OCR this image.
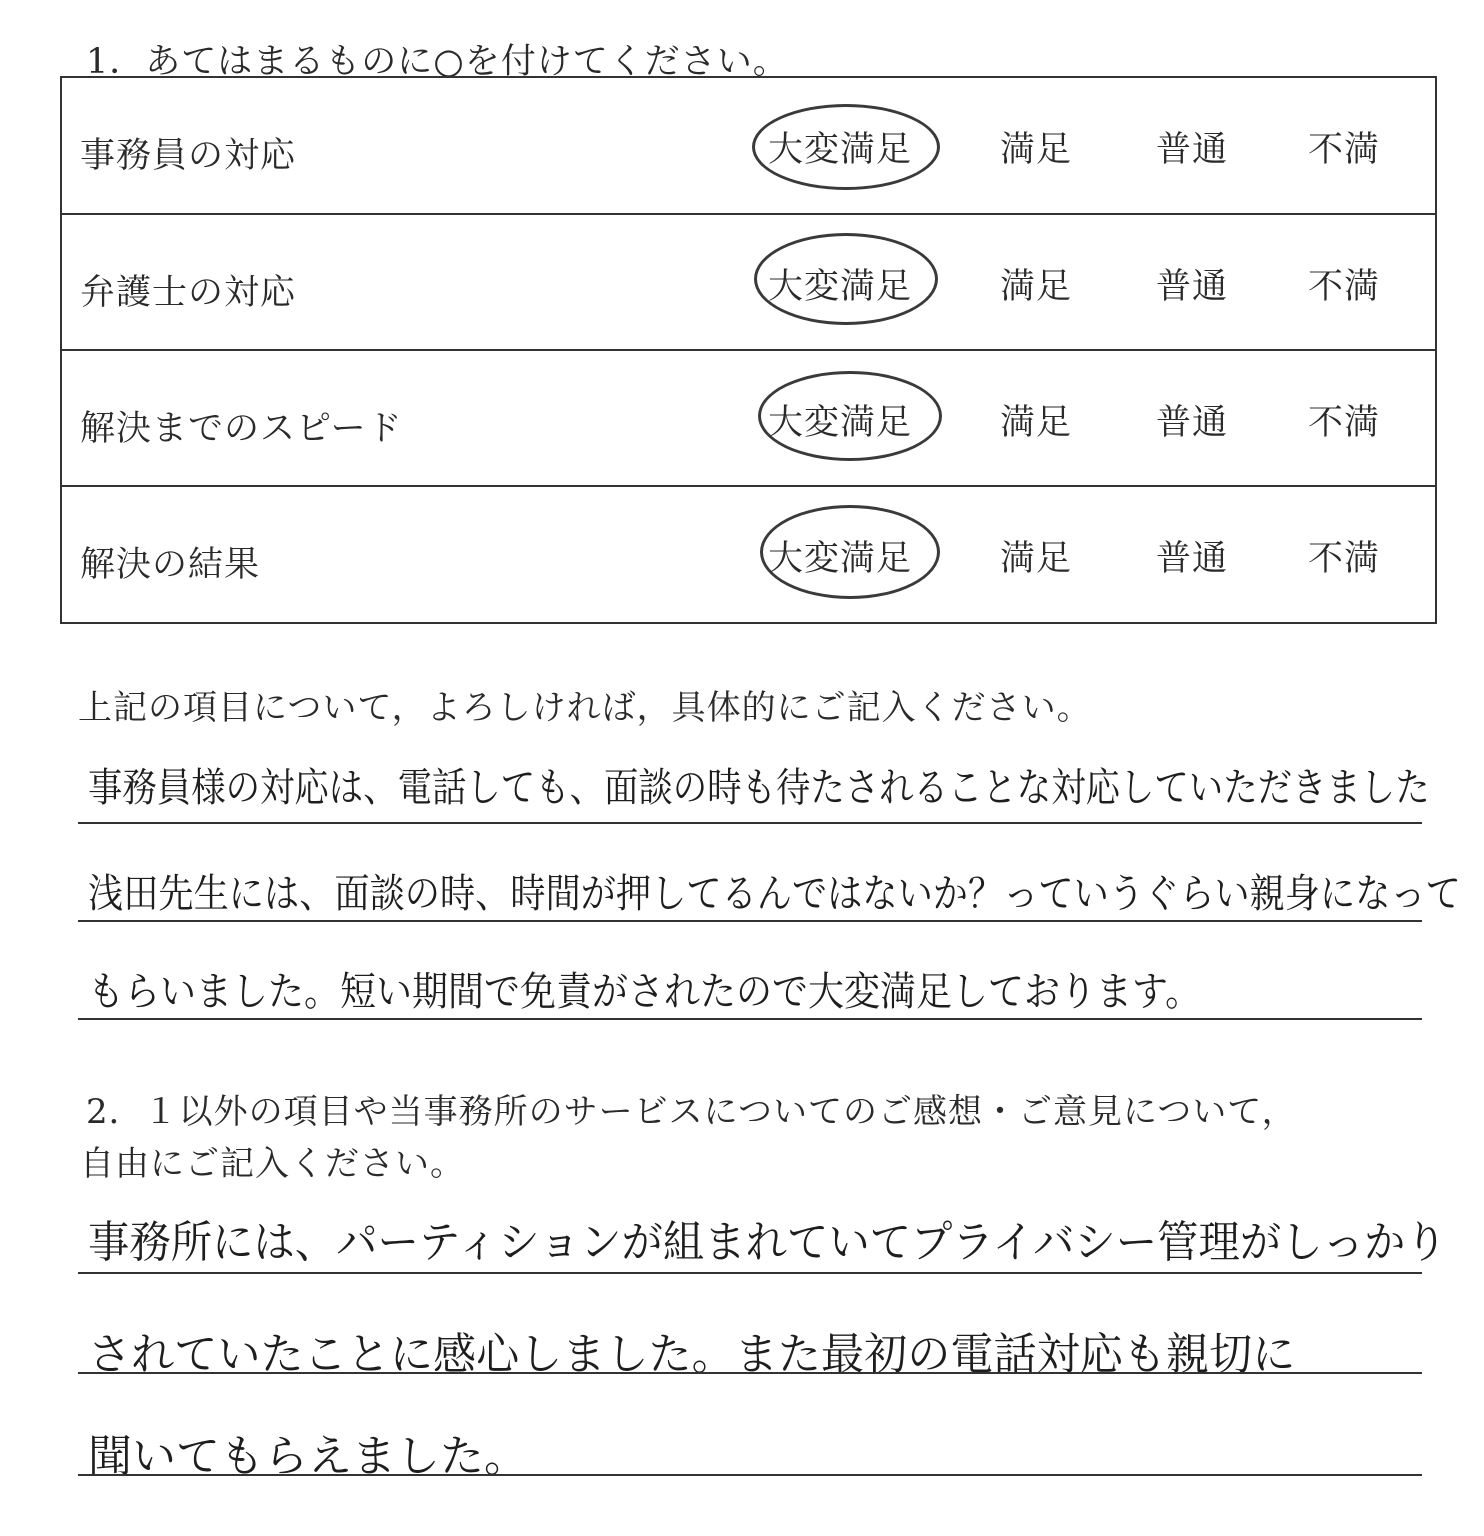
1．あてはまるものに○を付けてください。
事務員の対応	大変満足	満足 普通 不満
弁護士の対応	大変満足	満足 普通 不満
解決までのスピード	大変満足	満足 普通 不満
解決の結果	大変満足	満足 普通 不満
上記の項目について，よろしければ，具体的にご記入ください。
事務員様の対応は、電話しても、面談の時も待たされることな対応していただきました
浅田先生には、面談の時、時間が押してるんではないか？っていうぐらい親身になって
もらいました。短い期間で免責がされたので大変満足しております。
2．１以外の項目や当事務所のサービスについてのご感想・ご意見について，
自由にご記入ください。
事務所には、パーティションが組まれていてプライバシー管理がしっかり
されていたことに感心しました。また最初の電話対応も親切に
聞いてもらえました。
